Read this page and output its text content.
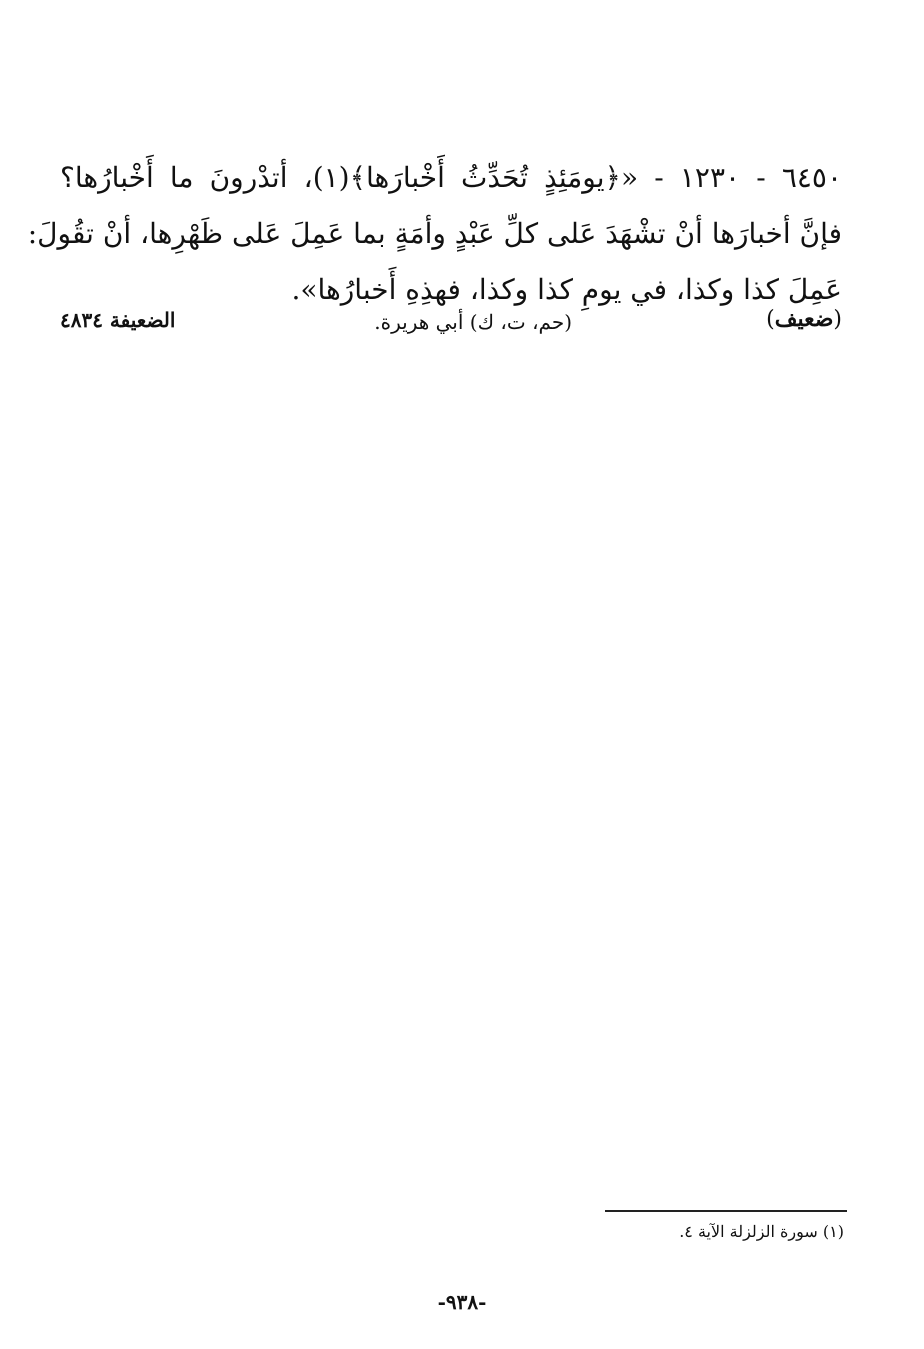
٦٤٥٠ - ١٢٣٠ - «﴿يومَئِذٍ تُحَدِّثُ أَخْبارَها﴾(١)، أتدْرونَ ما أَخْبارُها؟
فإنَّ أخبارَها أنْ تشْهَدَ عَلى كلِّ عَبْدٍ وأمَةٍ بما عَمِلَ عَلى ظَهْرِها، أنْ تقُولَ:
عَمِلَ كذا وكذا، في يومِ كذا وكذا، فهذِهِ أَخبارُها».
(ضعيف)
(حم، ت، ك) أبي هريرة.
الضعيفة ٤٨٣٤
(١) سورة الزلزلة الآية ٤.
-٩٣٨-
